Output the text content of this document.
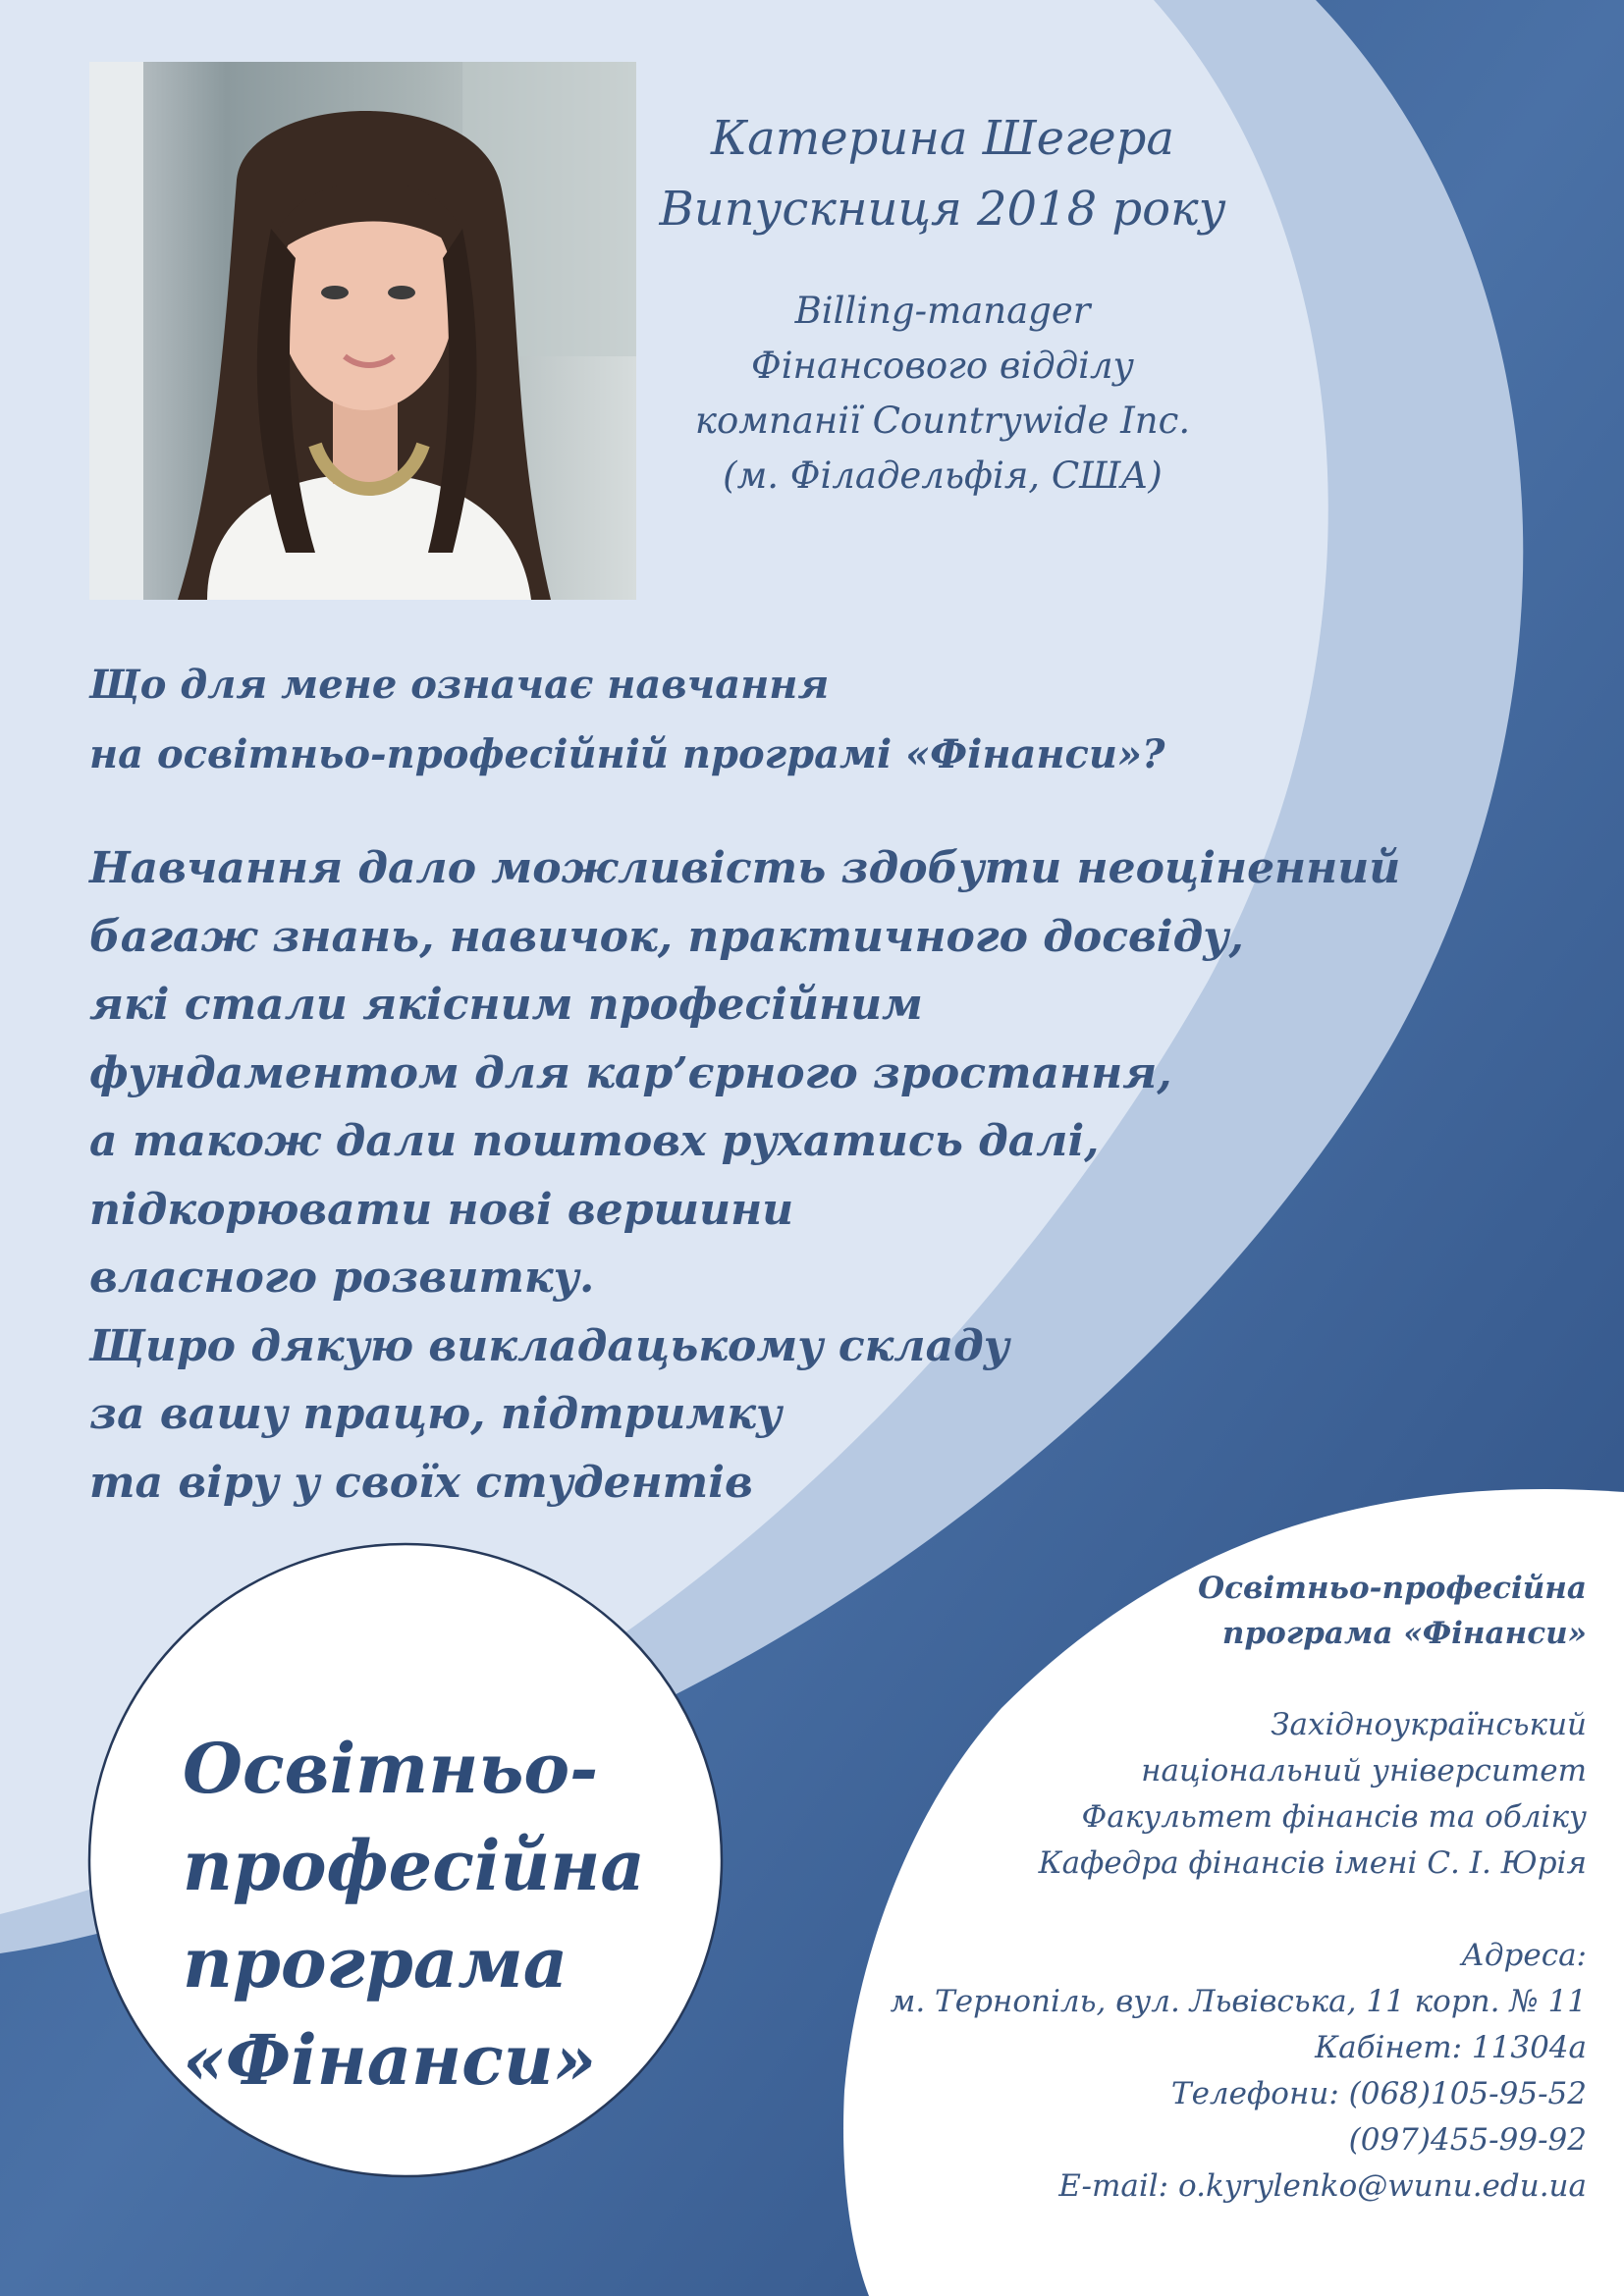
Катерина Шегера
Випускниця 2018 року
Billing-manager
Фінансового відділу
компанії Countrywide Inc.
(м. Філадельфія, США)
Що для мене означає навчання
на освітньо-професійній програмі «Фінанси»?
Навчання дало можливість здобути неоціненний
багаж знань, навичок, практичного досвіду,
які стали якісним професійним
фундаментом для кар’єрного зростання,
а також дали поштовх рухатись далі,
підкорювати нові вершини
власного розвитку.
Щиро дякую викладацькому складу
за вашу працю, підтримку
та віру у своїх студентів
Освітньо-
професійна
програма
«Фінанси»
Освітньо-професійна
програма «Фінанси»
Західноукраїнський
національний університет
Факультет фінансів та обліку
Кафедра фінансів імені С. І. Юрія
Адреса:
м. Тернопіль, вул. Львівська, 11 корп. № 11
Кабінет: 11304а
Телефони: (068)105-95-52
(097)455-99-92
E-mail: o.kyrylenko@wunu.edu.ua
